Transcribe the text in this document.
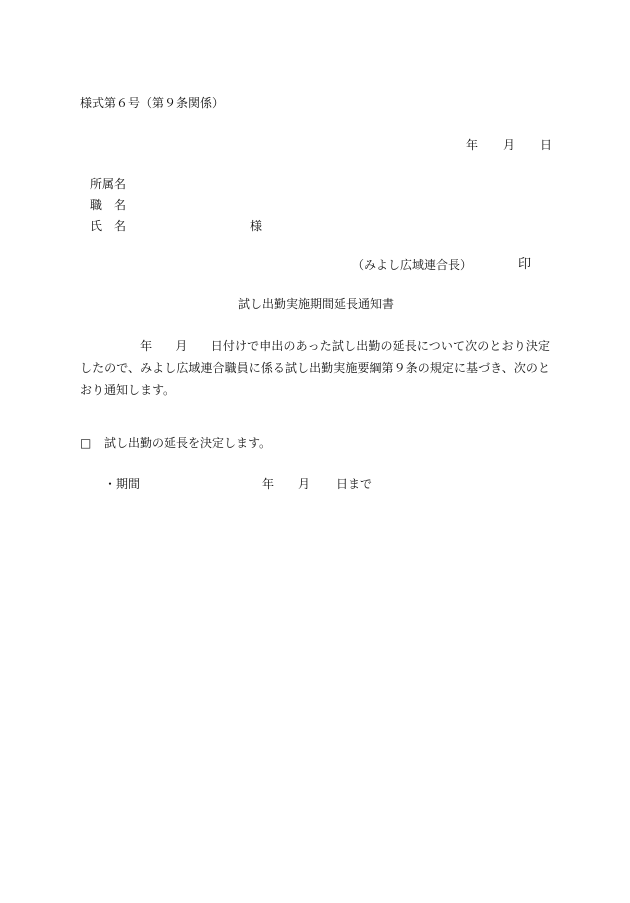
様式第６号（第９条関係）
年 月 日
所属名
職　名
氏　名	様
（みよし広域連合長）	印
試し出勤実施期間延長通知書
年 月 日付けで申出のあった試し出勤の延長について次のとおり決定したので、みよし広域連合職員に係る試し出勤実施要綱第９条の規定に基づき、次のとおり通知します。
□ 試し出勤の延長を決定します。
・期間	年 月 日まで
